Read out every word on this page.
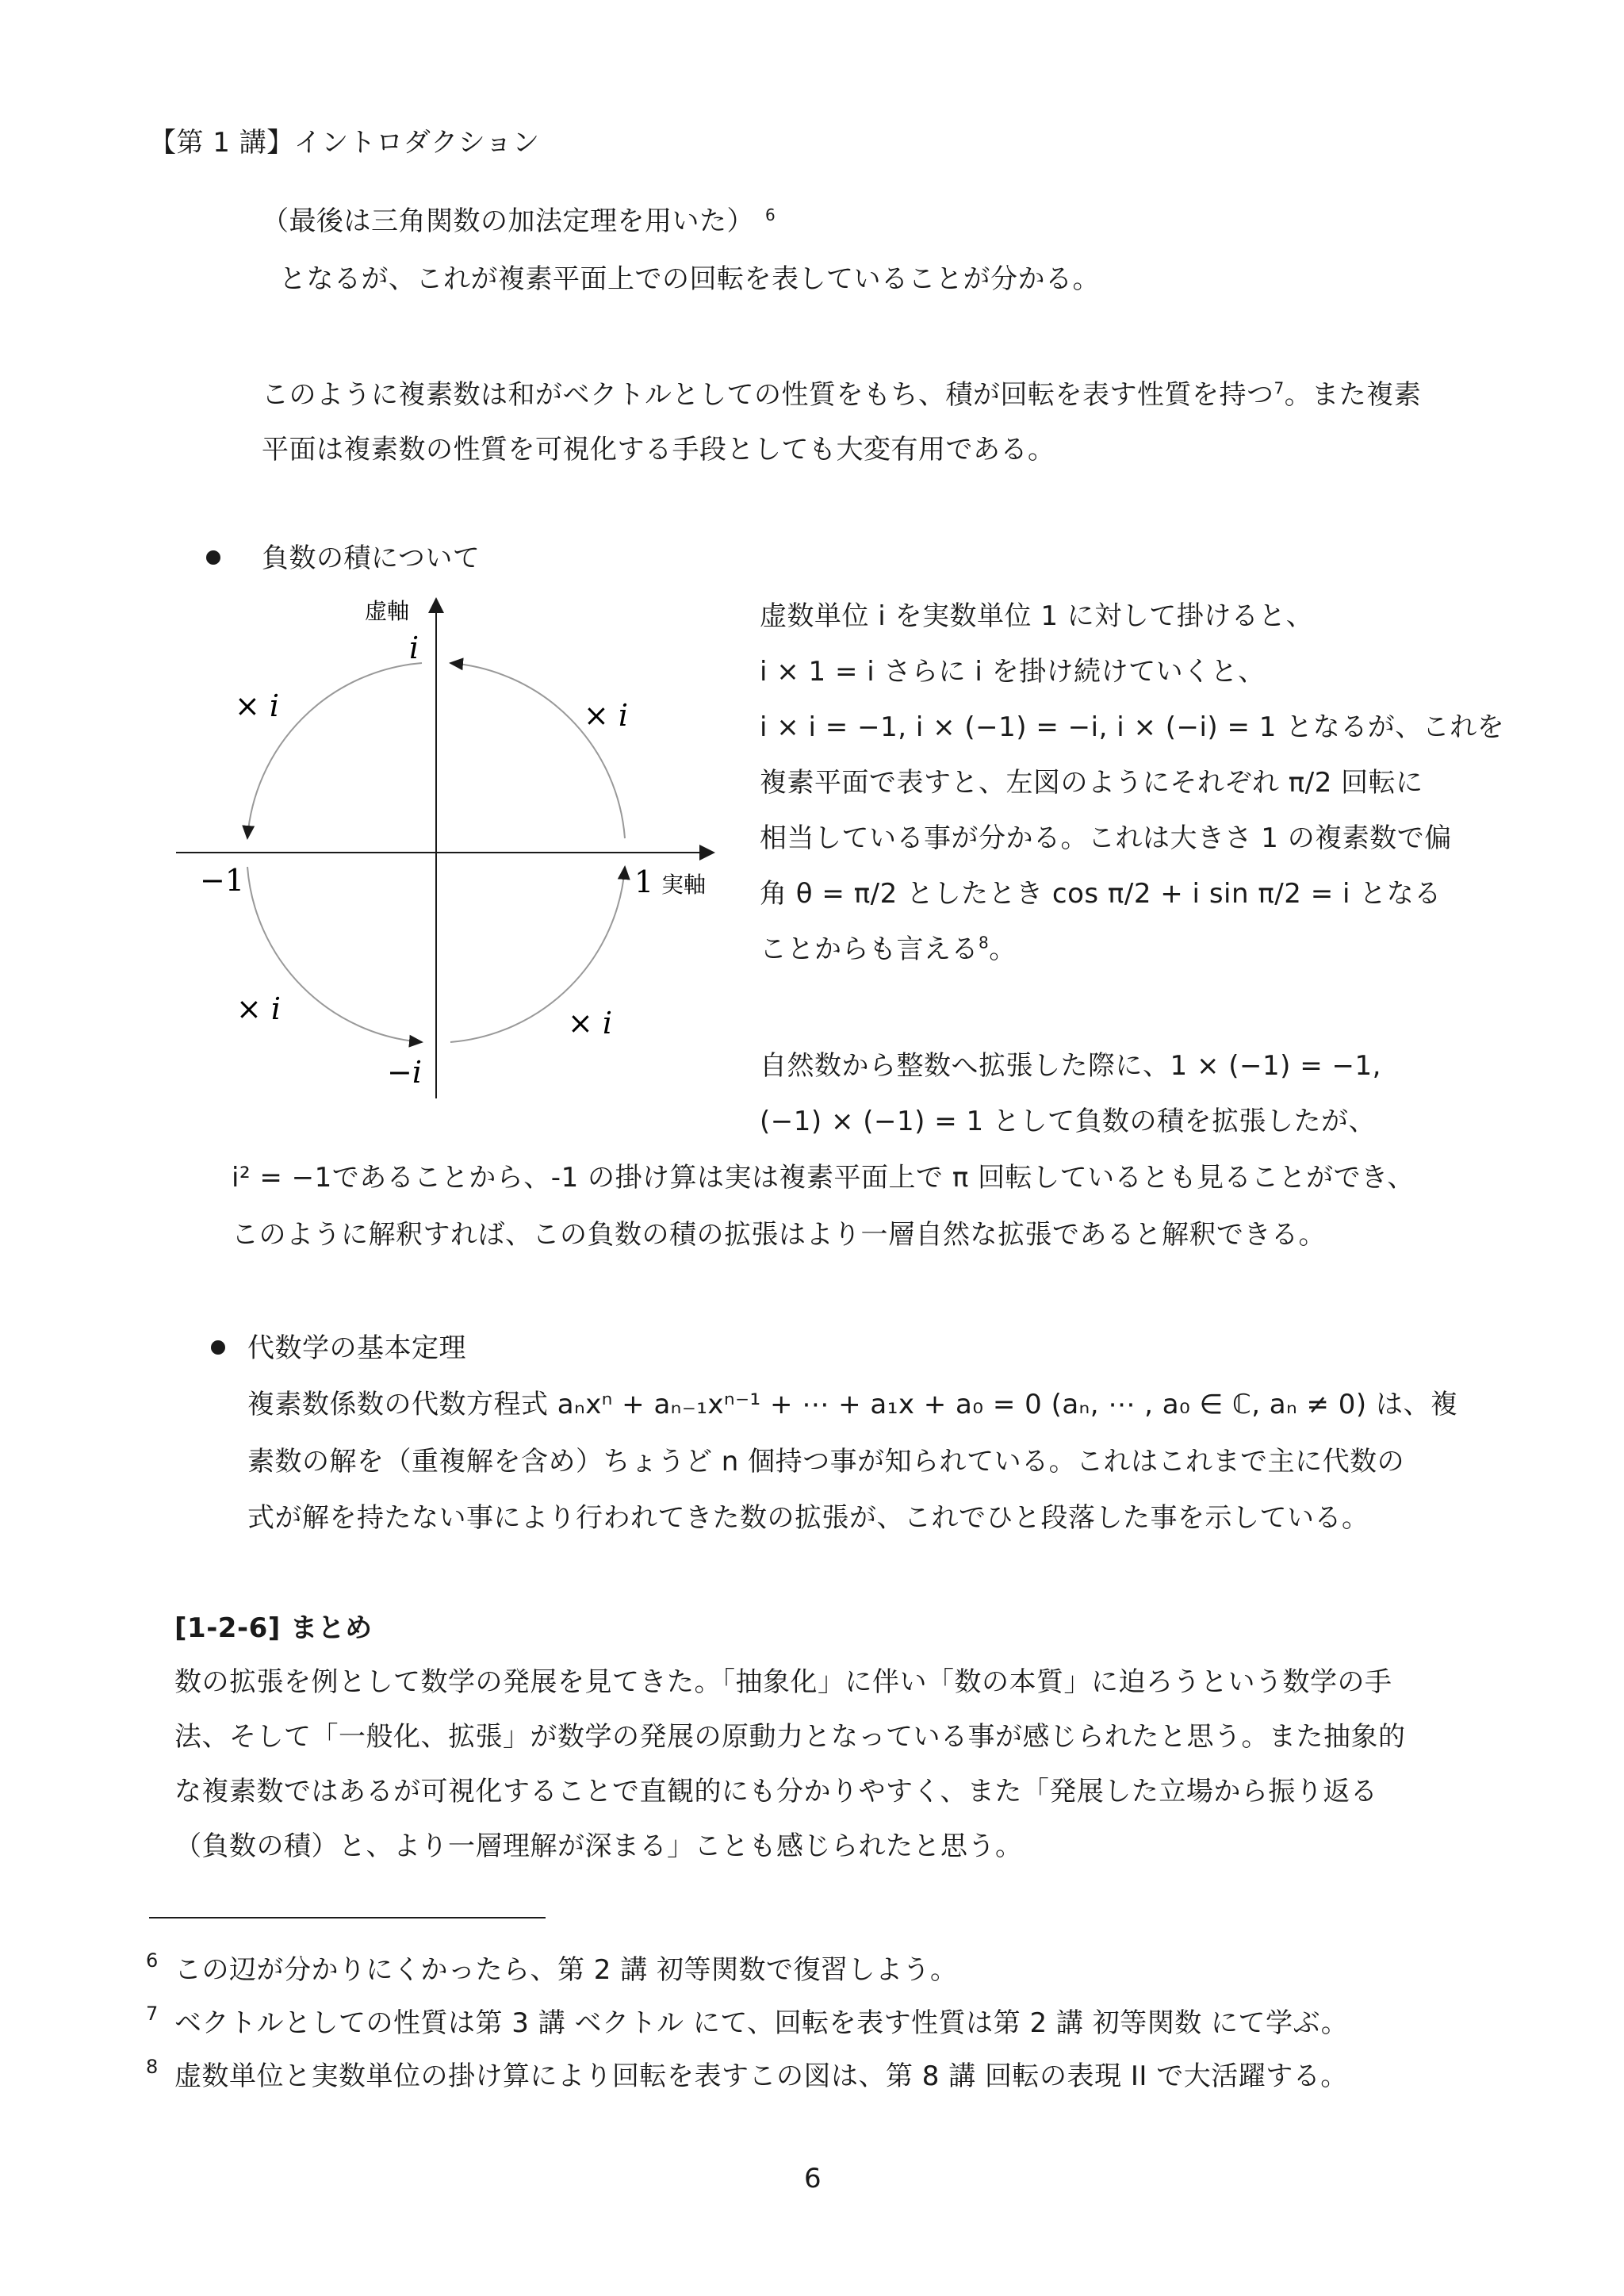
【第 1 講】イントロダクション
（最後は三角関数の加法定理を用いた） $^6$
となるが、これが複素平面上での回転を表していることが分かる。
このように複素数は和がベクトルとしての性質をもち、積が回転を表す性質を持つ$^7$。また複素
平面は複素数の性質を可視化する手段としても大変有用である。
負数の積について
虚軸
i
× i	× i
−1	1 実軸
× i	× i
−i
虚数単位 i を実数単位 1 に対して掛けると、
i × 1 = i さらに i を掛け続けていくと、
i × i = −1, i × (−1) = −i, i × (−i) = 1 となるが、これを
複素平面で表すと、左図のようにそれぞれ π/2 回転に
相当している事が分かる。これは大きさ 1 の複素数で偏
角 θ = π/2 としたとき cos π/2 + i sin π/2 = i となる
ことからも言える$^8$。
自然数から整数へ拡張した際に、1 × (−1) = −1,
(−1) × (−1) = 1 として負数の積を拡張したが、
i² = −1であることから、-1 の掛け算は実は複素平面上で π 回転しているとも見ることができ、
このように解釈すれば、この負数の積の拡張はより一層自然な拡張であると解釈できる。
代数学の基本定理
複素数係数の代数方程式 aₙxⁿ + aₙ₋₁xⁿ⁻¹ + ⋯ + a₁x + a₀ = 0 (aₙ, ⋯ , a₀ ∈ ℂ, aₙ ≠ 0) は、複
素数の解を（重複解を含め）ちょうど n 個持つ事が知られている。これはこれまで主に代数の
式が解を持たない事により行われてきた数の拡張が、これでひと段落した事を示している。
[1-2-6] まとめ
数の拡張を例として数学の発展を見てきた。「抽象化」に伴い「数の本質」に迫ろうという数学の手
法、そして「一般化、拡張」が数学の発展の原動力となっている事が感じられたと思う。また抽象的
な複素数ではあるが可視化することで直観的にも分かりやすく、また「発展した立場から振り返る
（負数の積）と、より一層理解が深まる」ことも感じられたと思う。
6 この辺が分かりにくかったら、第 2 講 初等関数で復習しよう。
7 ベクトルとしての性質は第 3 講 ベクトル にて、回転を表す性質は第 2 講 初等関数 にて学ぶ。
8 虚数単位と実数単位の掛け算により回転を表すこの図は、第 8 講 回転の表現 II で大活躍する。
6
